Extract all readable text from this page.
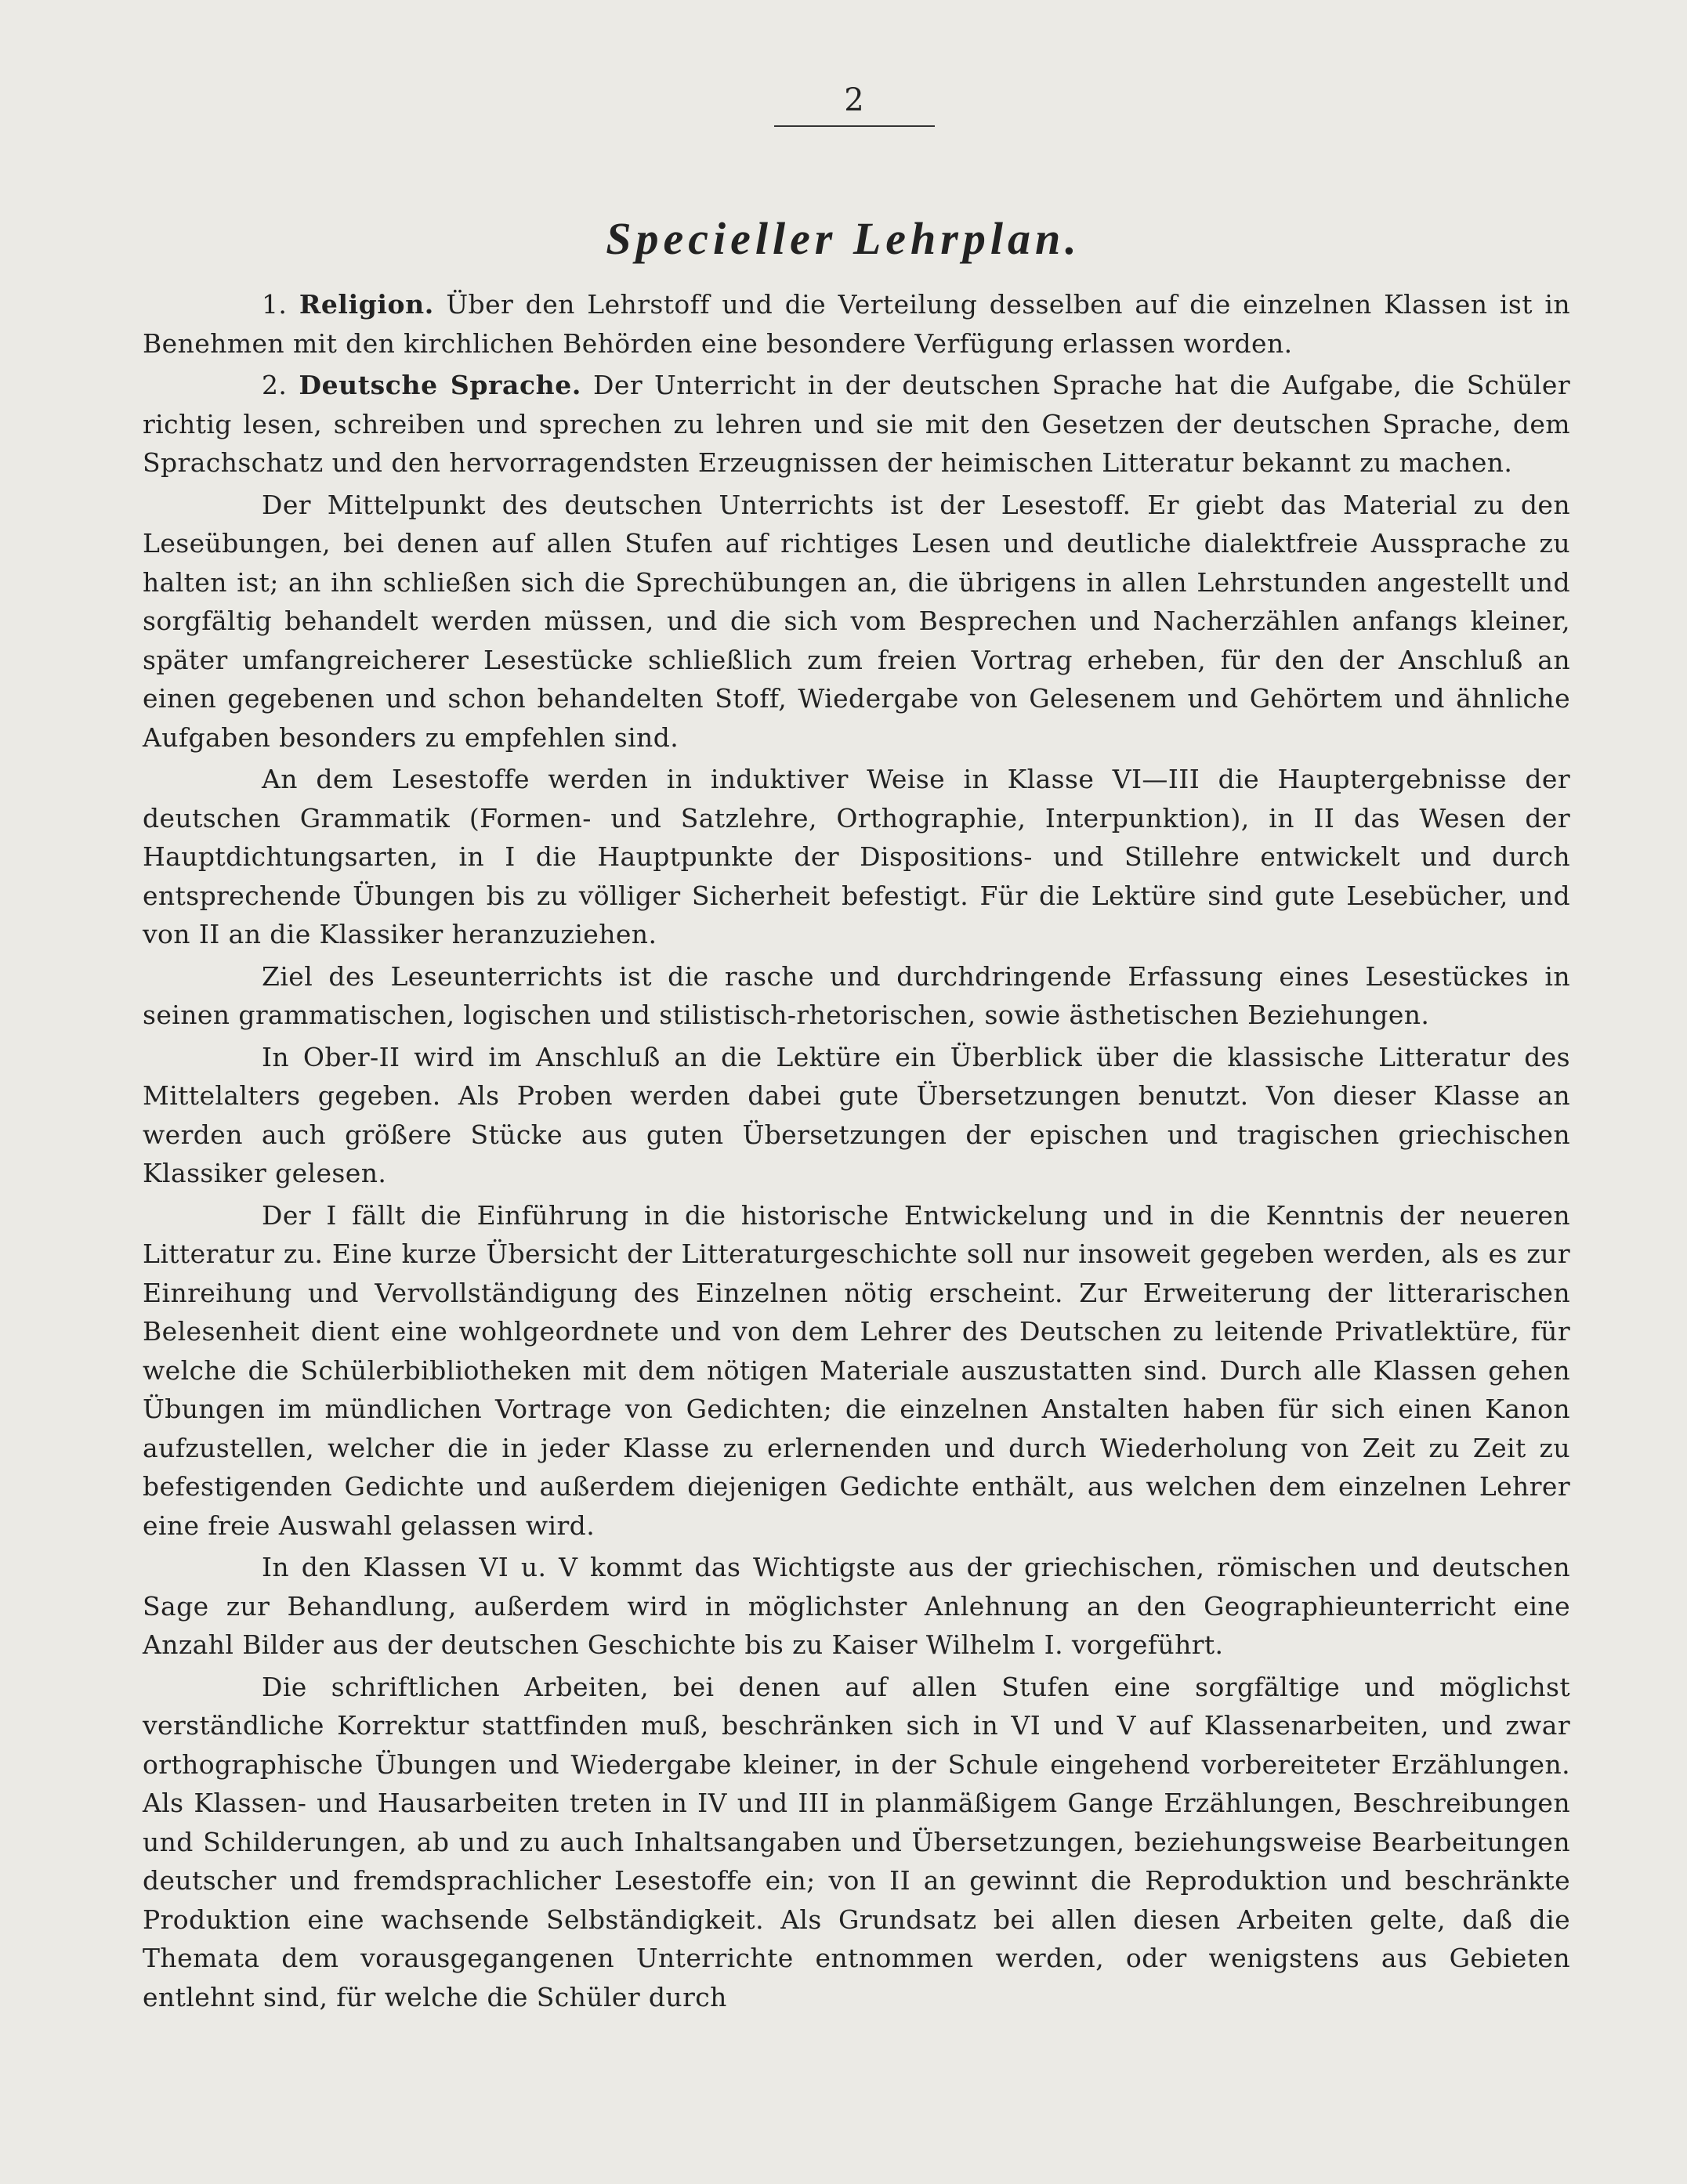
2
Specieller Lehrplan.

1. Religion. Über den Lehrstoff und die Verteilung desselben auf die einzelnen Klassen ist in Benehmen mit den kirchlichen Behörden eine besondere Verfügung erlassen worden.

2. Deutsche Sprache. Der Unterricht in der deutschen Sprache hat die Aufgabe, die Schüler richtig lesen, schreiben und sprechen zu lehren und sie mit den Gesetzen der deutschen Sprache, dem Sprachschatz und den hervorragendsten Erzeugnissen der heimischen Litteratur bekannt zu machen.

Der Mittelpunkt des deutschen Unterrichts ist der Lesestoff. Er giebt das Material zu den Leseübungen, bei denen auf allen Stufen auf richtiges Lesen und deutliche dialektfreie Aussprache zu halten ist; an ihn schließen sich die Sprechübungen an, die übrigens in allen Lehrstunden angestellt und sorgfältig behandelt werden müssen, und die sich vom Besprechen und Nacherzählen anfangs kleiner, später umfangreicherer Lesestücke schließlich zum freien Vortrag erheben, für den der Anschluß an einen gegebenen und schon behandelten Stoff, Wiedergabe von Gelesenem und Gehörtem und ähnliche Aufgaben besonders zu empfehlen sind.

An dem Lesestoffe werden in induktiver Weise in Klasse VI—III die Hauptergebnisse der deutschen Grammatik (Formen- und Satzlehre, Orthographie, Interpunktion), in II das Wesen der Hauptdichtungsarten, in I die Hauptpunkte der Dispositions- und Stillehre entwickelt und durch entsprechende Übungen bis zu völliger Sicherheit befestigt. Für die Lektüre sind gute Lesebücher, und von II an die Klassiker heranzuziehen.

Ziel des Leseunterrichts ist die rasche und durchdringende Erfassung eines Lesestückes in seinen grammatischen, logischen und stilistisch-rhetorischen, sowie ästhetischen Beziehungen.

In Ober-II wird im Anschluß an die Lektüre ein Überblick über die klassische Litteratur des Mittelalters gegeben. Als Proben werden dabei gute Übersetzungen benutzt. Von dieser Klasse an werden auch größere Stücke aus guten Übersetzungen der epischen und tragischen griechischen Klassiker gelesen.

Der I fällt die Einführung in die historische Entwickelung und in die Kenntnis der neueren Litteratur zu. Eine kurze Übersicht der Litteraturgeschichte soll nur insoweit gegeben werden, als es zur Einreihung und Vervollständigung des Einzelnen nötig erscheint. Zur Erweiterung der litterarischen Belesenheit dient eine wohlgeordnete und von dem Lehrer des Deutschen zu leitende Privatlektüre, für welche die Schülerbibliotheken mit dem nötigen Materiale auszustatten sind. Durch alle Klassen gehen Übungen im mündlichen Vortrage von Gedichten; die einzelnen Anstalten haben für sich einen Kanon aufzustellen, welcher die in jeder Klasse zu erlernenden und durch Wiederholung von Zeit zu Zeit zu befestigenden Gedichte und außerdem diejenigen Gedichte enthält, aus welchen dem einzelnen Lehrer eine freie Auswahl gelassen wird.

In den Klassen VI u. V kommt das Wichtigste aus der griechischen, römischen und deutschen Sage zur Behandlung, außerdem wird in möglichster Anlehnung an den Geographieunterricht eine Anzahl Bilder aus der deutschen Geschichte bis zu Kaiser Wilhelm I. vorgeführt.

Die schriftlichen Arbeiten, bei denen auf allen Stufen eine sorgfältige und möglichst verständliche Korrektur stattfinden muß, beschränken sich in VI und V auf Klassenarbeiten, und zwar orthographische Übungen und Wiedergabe kleiner, in der Schule eingehend vorbereiteter Erzählungen. Als Klassen- und Hausarbeiten treten in IV und III in planmäßigem Gange Erzählungen, Beschreibungen und Schilderungen, ab und zu auch Inhaltsangaben und Übersetzungen, beziehungsweise Bearbeitungen deutscher und fremdsprachlicher Lesestoffe ein; von II an gewinnt die Reproduktion und beschränkte Produktion eine wachsende Selbständigkeit. Als Grundsatz bei allen diesen Arbeiten gelte, daß die Themata dem vorausgegangenen Unterrichte entnommen werden, oder wenigstens aus Gebieten entlehnt sind, für welche die Schüler durch
